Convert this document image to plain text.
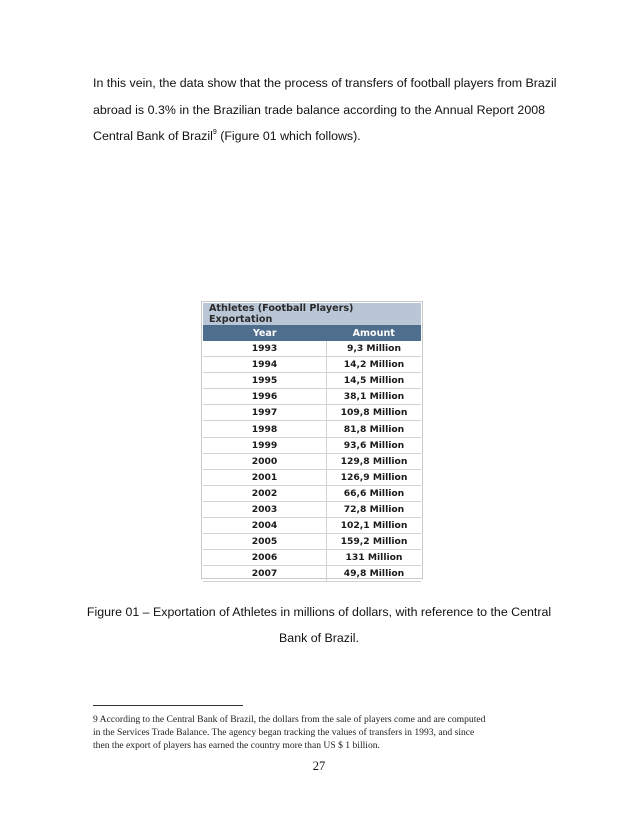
In this vein, the data show that the process of transfers of football players from Brazil
abroad is 0.3% in the Brazilian trade balance according to the Annual Report 2008
Central Bank of Brazil$^9$ (Figure 01 which follows).
Athletes (Football Players) Exportation	
Year	Amount
1993	9,3 Million
1994	14,2 Million
1995	14,5 Million
1996	38,1 Million
1997	109,8 Million
1998	81,8 Million
1999	93,6 Million
2000	129,8 Million
2001	126,9 Million
2002	66,6 Million
2003	72,8 Million
2004	102,1 Million
2005	159,2 Million
2006	131 Million
2007	49,8 Million
Figure 01 – Exportation of Athletes in millions of dollars, with reference to the Central
Bank of Brazil.
9 According to the Central Bank of Brazil, the dollars from the sale of players come and are computed
in the Services Trade Balance. The agency began tracking the values of transfers in 1993, and since
then the export of players has earned the country more than US $ 1 billion.
27
